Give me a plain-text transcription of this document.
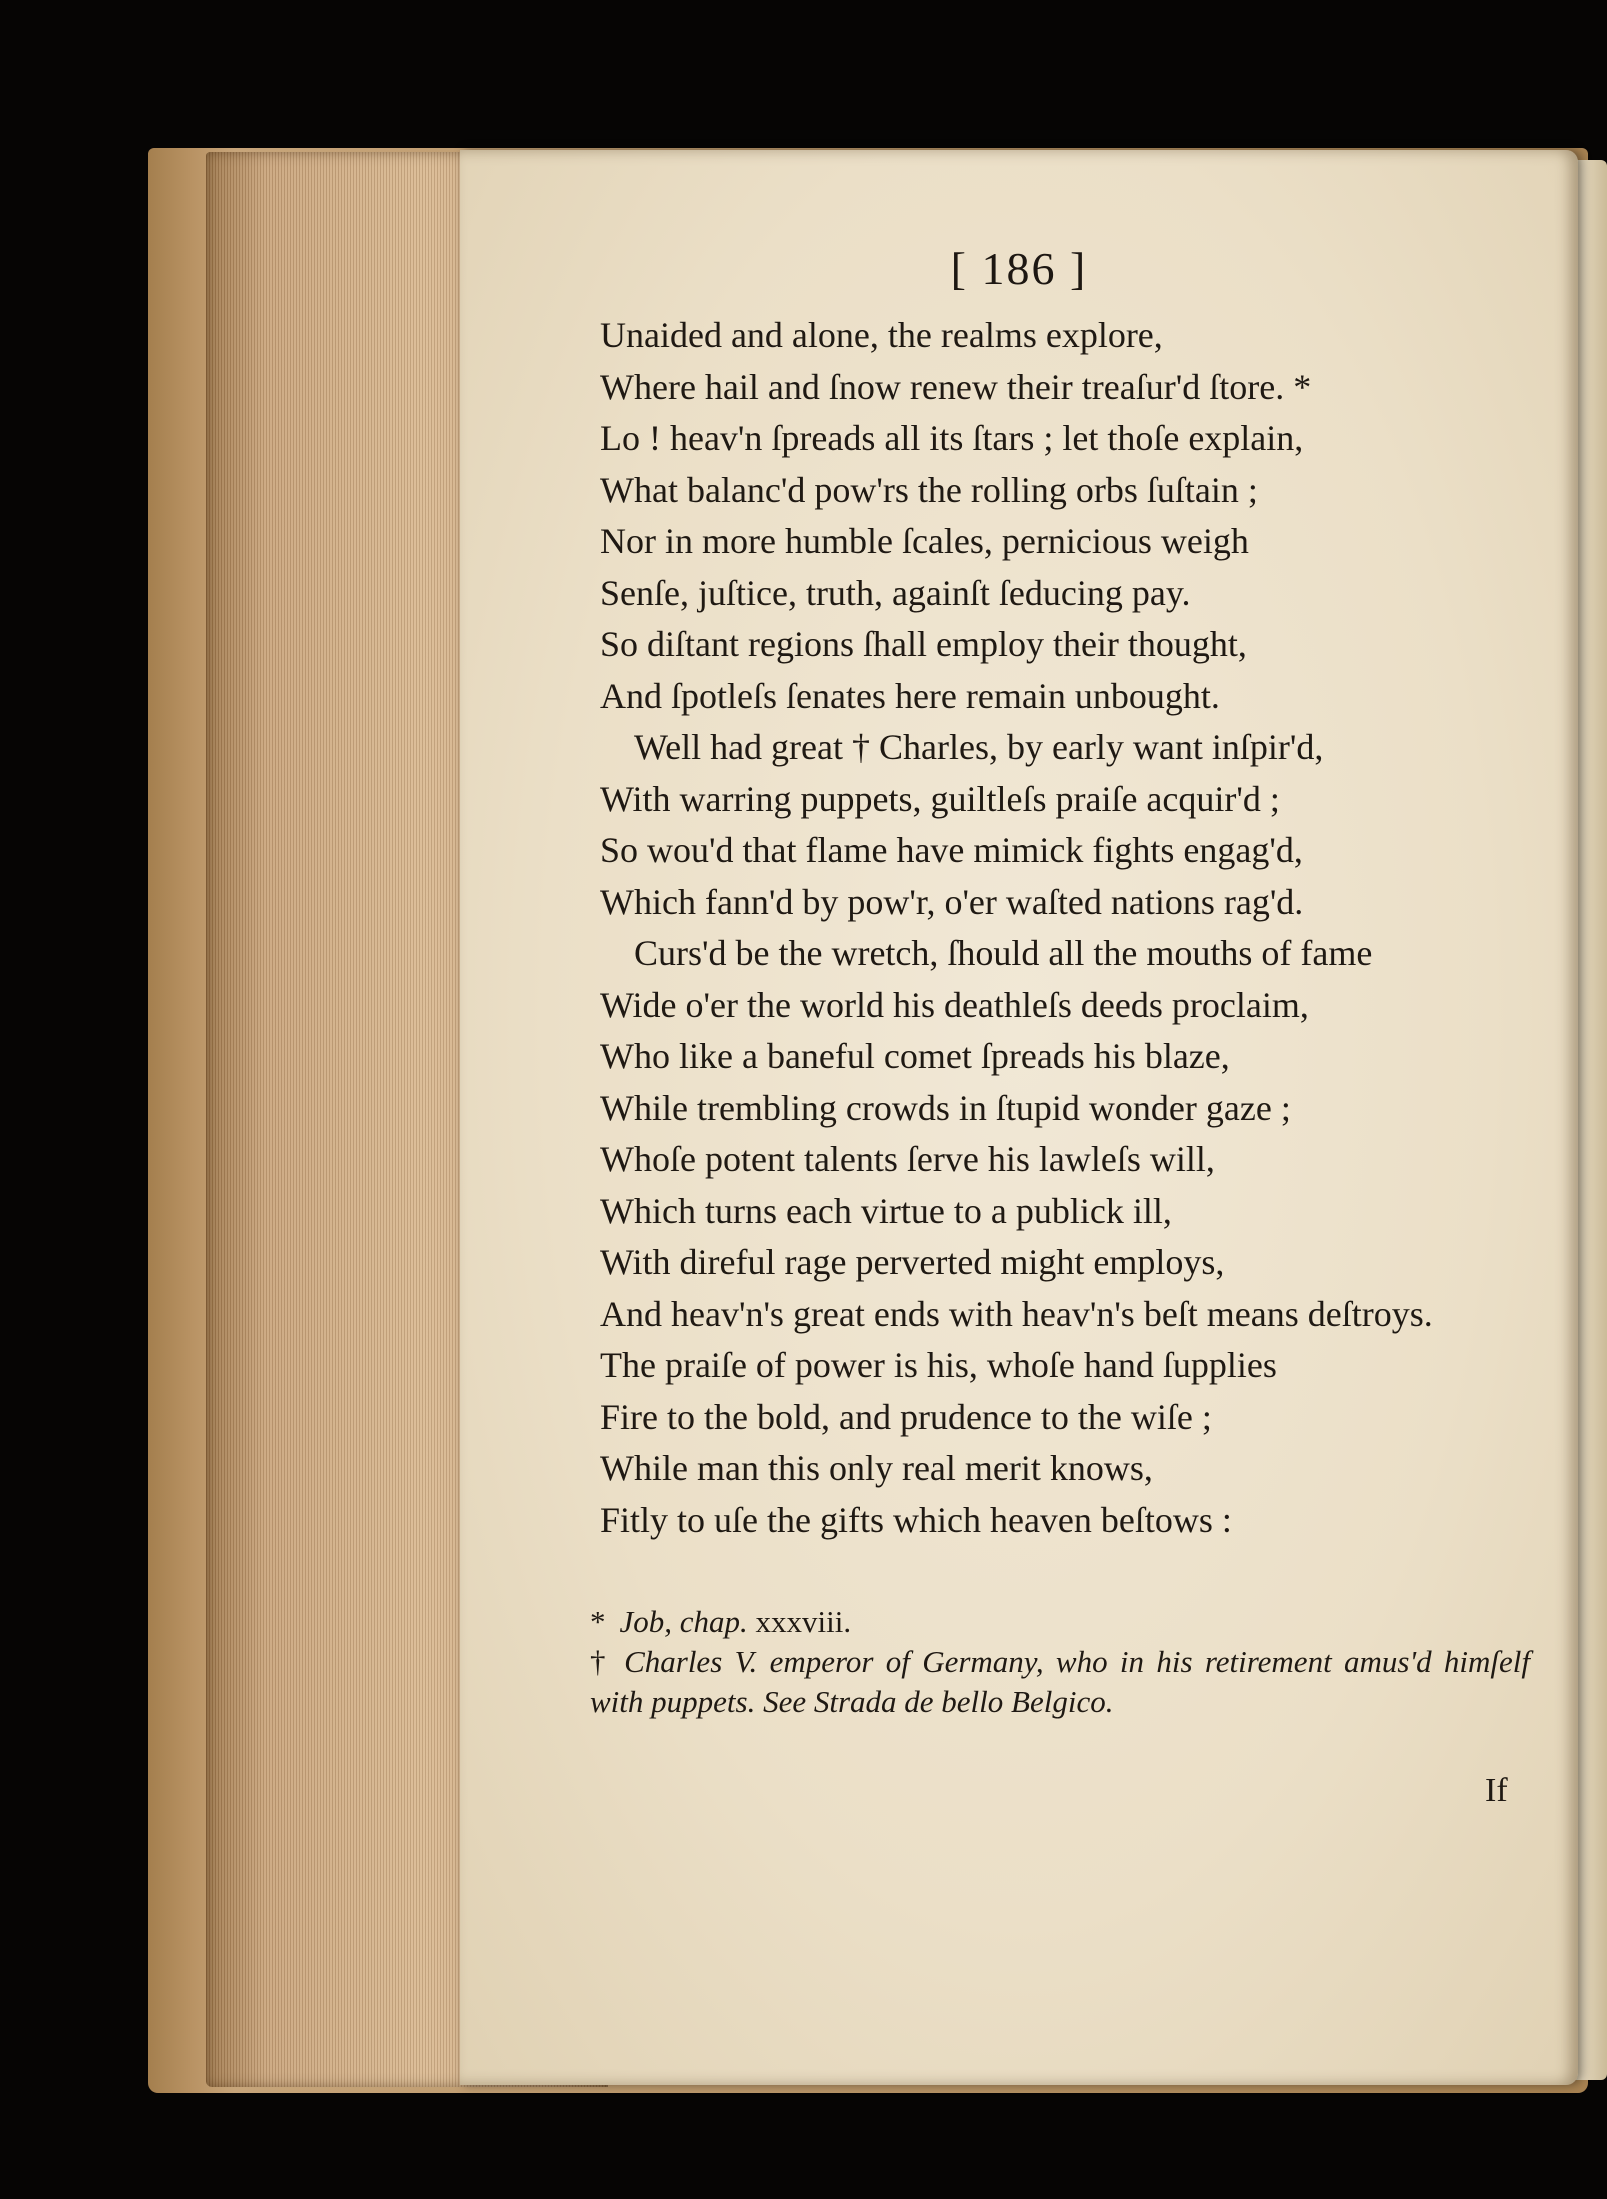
[ 186 ]
Unaided and alone, the realms explore,
Where hail and ſnow renew their treaſur'd ſtore. *
Lo ! heav'n ſpreads all its ſtars ; let thoſe explain,
What balanc'd pow'rs the rolling orbs ſuſtain ;
Nor in more humble ſcales, pernicious weigh
Senſe, juſtice, truth, againſt ſeducing pay.
So diſtant regions ſhall employ their thought,
And ſpotleſs ſenates here remain unbought.
Well had great † Charles, by early want inſpir'd,
With warring puppets, guiltleſs praiſe acquir'd ;
So wou'd that flame have mimick fights engag'd,
Which fann'd by pow'r, o'er waſted nations rag'd.
Curs'd be the wretch, ſhould all the mouths of fame
Wide o'er the world his deathleſs deeds proclaim,
Who like a baneful comet ſpreads his blaze,
While trembling crowds in ſtupid wonder gaze ;
Whoſe potent talents ſerve his lawleſs will,
Which turns each virtue to a publick ill,
With direful rage perverted might employs,
And heav'n's great ends with heav'n's beſt means deſtroys.
The praiſe of power is his, whoſe hand ſupplies
Fire to the bold, and prudence to the wiſe ;
While man this only real merit knows,
Fitly to uſe the gifts which heaven beſtows :
* Job, chap. xxxviii.
† Charles V. emperor of Germany, who in his retirement amus'd himſelf with puppets. See Strada de bello Belgico.
If
